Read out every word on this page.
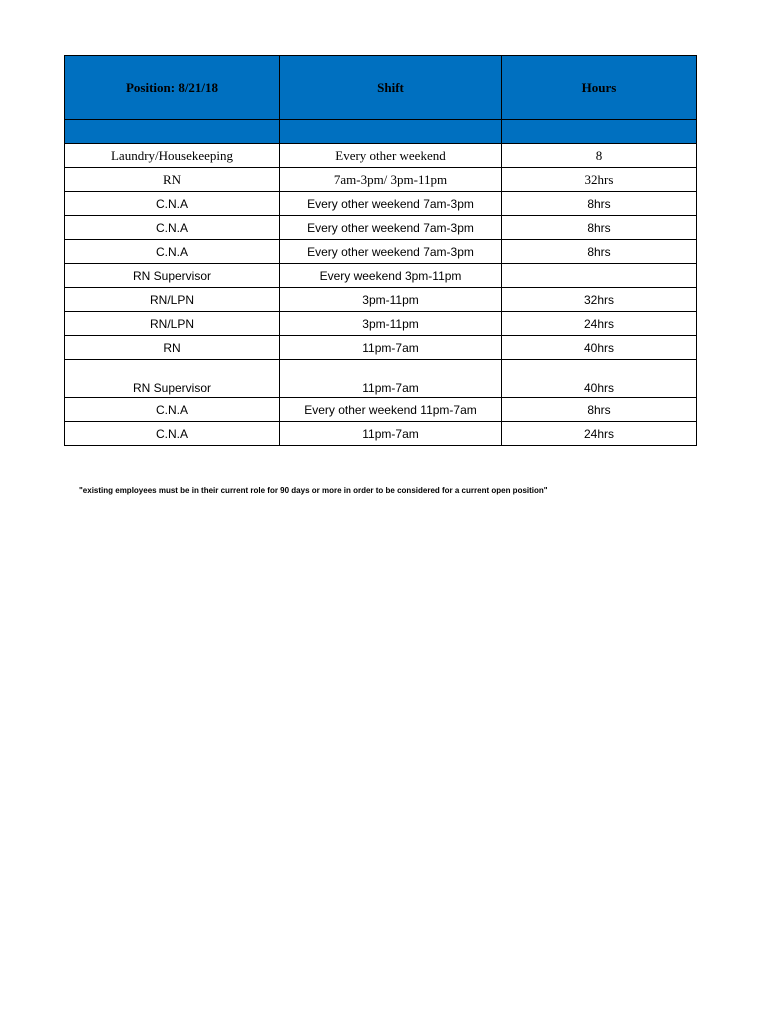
Position: 8/21/18	Shift	Hours

Laundry/Housekeeping	Every other weekend	8
RN	7am-3pm/ 3pm-11pm	32hrs
C.N.A	Every other weekend 7am-3pm	8hrs
C.N.A	Every other weekend 7am-3pm	8hrs
C.N.A	Every other weekend 7am-3pm	8hrs
RN Supervisor	Every weekend 3pm-11pm	
RN/LPN	3pm-11pm	32hrs
RN/LPN	3pm-11pm	24hrs
RN	11pm-7am	40hrs
RN Supervisor	11pm-7am	40hrs
C.N.A	Every other weekend 11pm-7am	8hrs
C.N.A	11pm-7am	24hrs
"existing employees must be in their current role for 90 days or more in order to be considered for a current open position"
